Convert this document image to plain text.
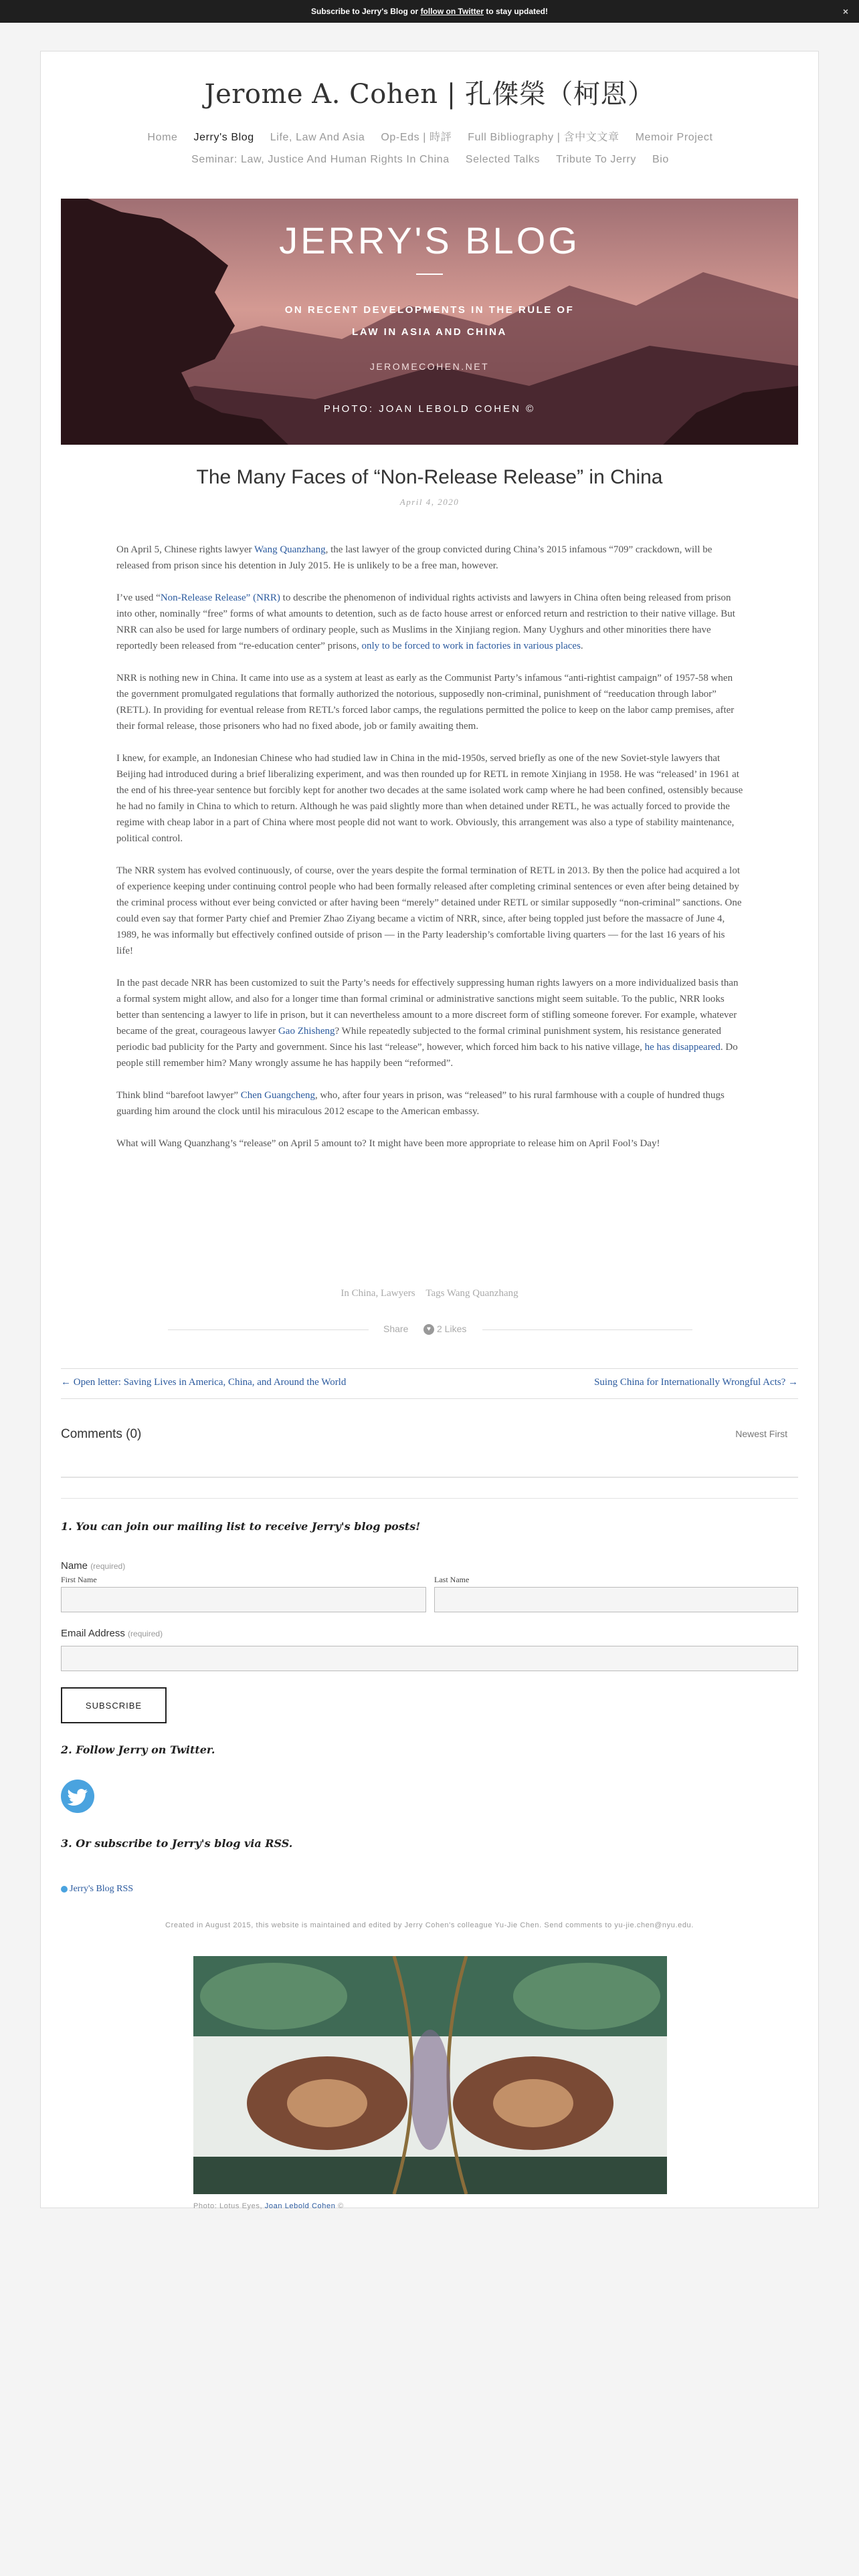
Subscribe to Jerry's Blog or follow on Twitter to stay updated!	×
Jerome A. Cohen | 孔傑榮（柯恩）
Home Jerry's Blog Life, Law And Asia Op-Eds | 時評 Full Bibliography | 含中文文章 Memoir Project
Seminar: Law, Justice And Human Rights In China Selected Talks Tribute To Jerry Bio
JERRY'S BLOG
ON RECENT DEVELOPMENTS IN THE RULE OF
LAW IN ASIA AND CHINA
JEROMECOHEN.NET
PHOTO: JOAN LEBOLD COHEN ©
The Many Faces of “Non-Release Release” in China
April 4, 2020

On April 5, Chinese rights lawyer Wang Quanzhang, the last lawyer of the group convicted during China’s 2015 infamous “709” crackdown, will be released from prison since his detention in July 2015. He is unlikely to be a free man, however.

I’ve used “Non-Release Release” (NRR) to describe the phenomenon of individual rights activists and lawyers in China often being released from prison into other, nominally “free” forms of what amounts to detention, such as de facto house arrest or enforced return and restriction to their native village. But NRR can also be used for large numbers of ordinary people, such as Muslims in the Xinjiang region. Many Uyghurs and other minorities there have reportedly been released from “re-education center” prisons, only to be forced to work in factories in various places.

NRR is nothing new in China. It came into use as a system at least as early as the Communist Party’s infamous “anti-rightist campaign” of 1957-58 when the government promulgated regulations that formally authorized the notorious, supposedly non-criminal, punishment of “reeducation through labor” (RETL). In providing for eventual release from RETL’s forced labor camps, the regulations permitted the police to keep on the labor camp premises, after their formal release, those prisoners who had no fixed abode, job or family awaiting them.

I knew, for example, an Indonesian Chinese who had studied law in China in the mid-1950s, served briefly as one of the new Soviet-style lawyers that Beijing had introduced during a brief liberalizing experiment, and was then rounded up for RETL in remote Xinjiang in 1958. He was “released’ in 1961 at the end of his three-year sentence but forcibly kept for another two decades at the same isolated work camp where he had been confined, ostensibly because he had no family in China to which to return. Although he was paid slightly more than when detained under RETL, he was actually forced to provide the regime with cheap labor in a part of China where most people did not want to work. Obviously, this arrangement was also a type of stability maintenance, political control.

The NRR system has evolved continuously, of course, over the years despite the formal termination of RETL in 2013. By then the police had acquired a lot of experience keeping under continuing control people who had been formally released after completing criminal sentences or even after being detained by the criminal process without ever being convicted or after having been “merely” detained under RETL or similar supposedly “non-criminal” sanctions. One could even say that former Party chief and Premier Zhao Ziyang became a victim of NRR, since, after being toppled just before the massacre of June 4, 1989, he was informally but effectively confined outside of prison — in the Party leadership’s comfortable living quarters — for the last 16 years of his life!

In the past decade NRR has been customized to suit the Party’s needs for effectively suppressing human rights lawyers on a more individualized basis than a formal system might allow, and also for a longer time than formal criminal or administrative sanctions might seem suitable. To the public, NRR looks better than sentencing a lawyer to life in prison, but it can nevertheless amount to a more discreet form of stifling someone forever. For example, whatever became of the great, courageous lawyer Gao Zhisheng? While repeatedly subjected to the formal criminal punishment system, his resistance generated periodic bad publicity for the Party and government. Since his last “release”, however, which forced him back to his native village, he has disappeared. Do people still remember him? Many wrongly assume he has happily been “reformed”.

Think blind “barefoot lawyer” Chen Guangcheng, who, after four years in prison, was “released” to his rural farmhouse with a couple of hundred thugs guarding him around the clock until his miraculous 2012 escape to the American embassy.

What will Wang Quanzhang’s “release” on April 5 amount to? It might have been more appropriate to release him on April Fool’s Day!

In China, Lawyers Tags Wang Quanzhang
Share	♥ 2 Likes
← Open letter: Saving Lives in America, China, and Around the World	Suing China for Internationally Wrongful Acts? →
Comments (0)	Newest First
1. You can join our mailing list to receive Jerry's blog posts!
Name (required)
First Name	Last Name
Email Address (required)
SUBSCRIBE
2. Follow Jerry on Twitter.
3. Or subscribe to Jerry's blog via RSS.
Jerry's Blog RSS
Created in August 2015, this website is maintained and edited by Jerry Cohen's colleague Yu-Jie Chen. Send comments to yu-jie.chen@nyu.edu.
Photo: Lotus Eyes, Joan Lebold Cohen ©
